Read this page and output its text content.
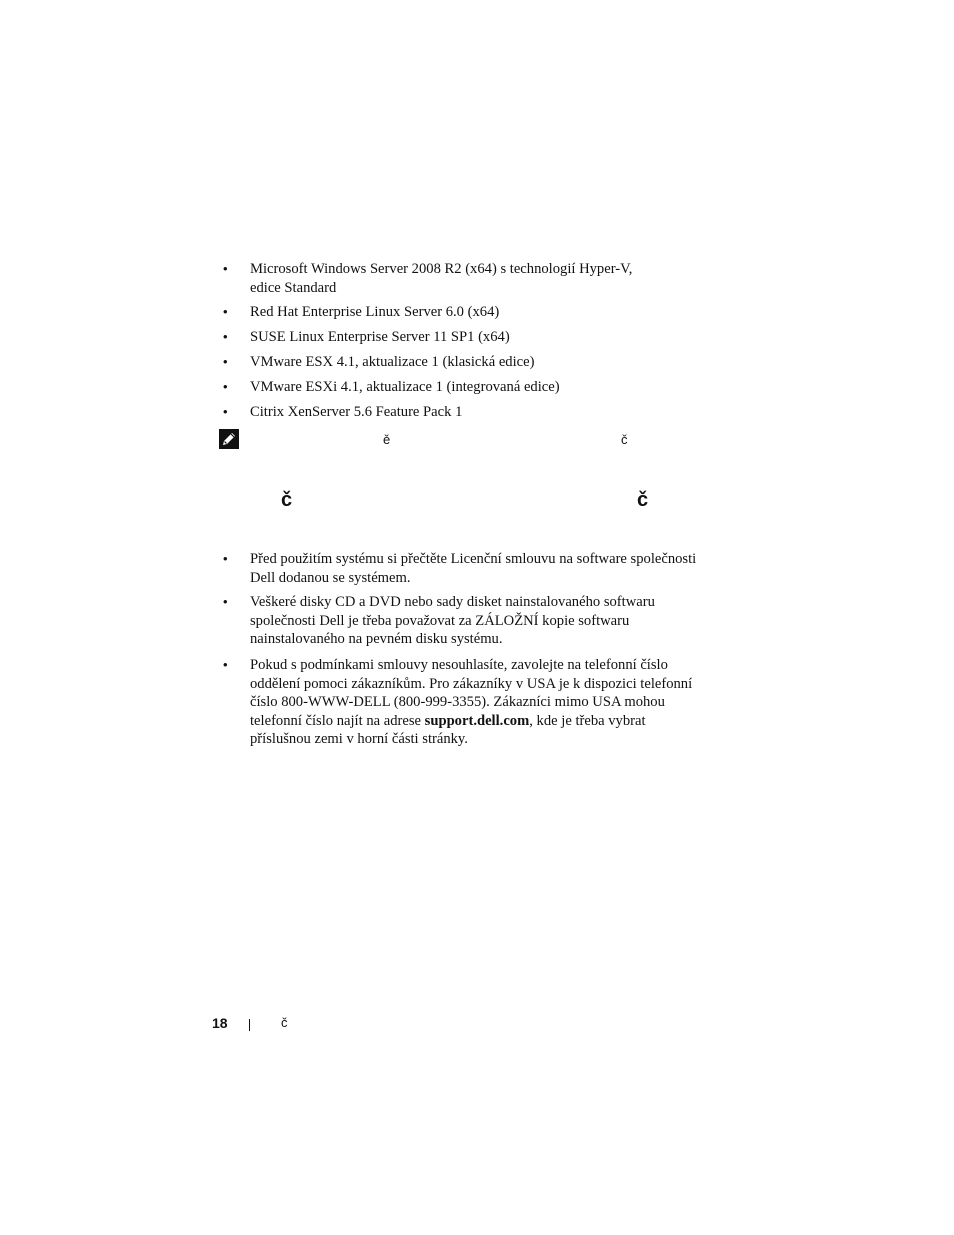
• Microsoft Windows Server 2008 R2 (x64) s technologií Hyper-V,
edice Standard
• Red Hat Enterprise Linux Server 6.0 (x64)
• SUSE Linux Enterprise Server 11 SP1 (x64)
• VMware ESX 4.1, aktualizace 1 (klasická edice)
• VMware ESXi 4.1, aktualizace 1 (integrovaná edice)
• Citrix XenServer 5.6 Feature Pack 1
ě	č
č	č
• Před použitím systému si přečtěte Licenční smlouvu na software společnosti
Dell dodanou se systémem.
• Veškeré disky CD a DVD nebo sady disket nainstalovaného softwaru
společnosti Dell je třeba považovat za ZÁLOŽNÍ kopie softwaru
nainstalovaného na pevném disku systému.
• Pokud s podmínkami smlouvy nesouhlasíte, zavolejte na telefonní číslo
oddělení pomoci zákazníkům. Pro zákazníky v USA je k dispozici telefonní
číslo 800-WWW-DELL (800-999-3355). Zákazníci mimo USA mohou
telefonní číslo najít na adrese support.dell.com, kde je třeba vybrat
příslušnou zemi v horní části stránky.
18	č
